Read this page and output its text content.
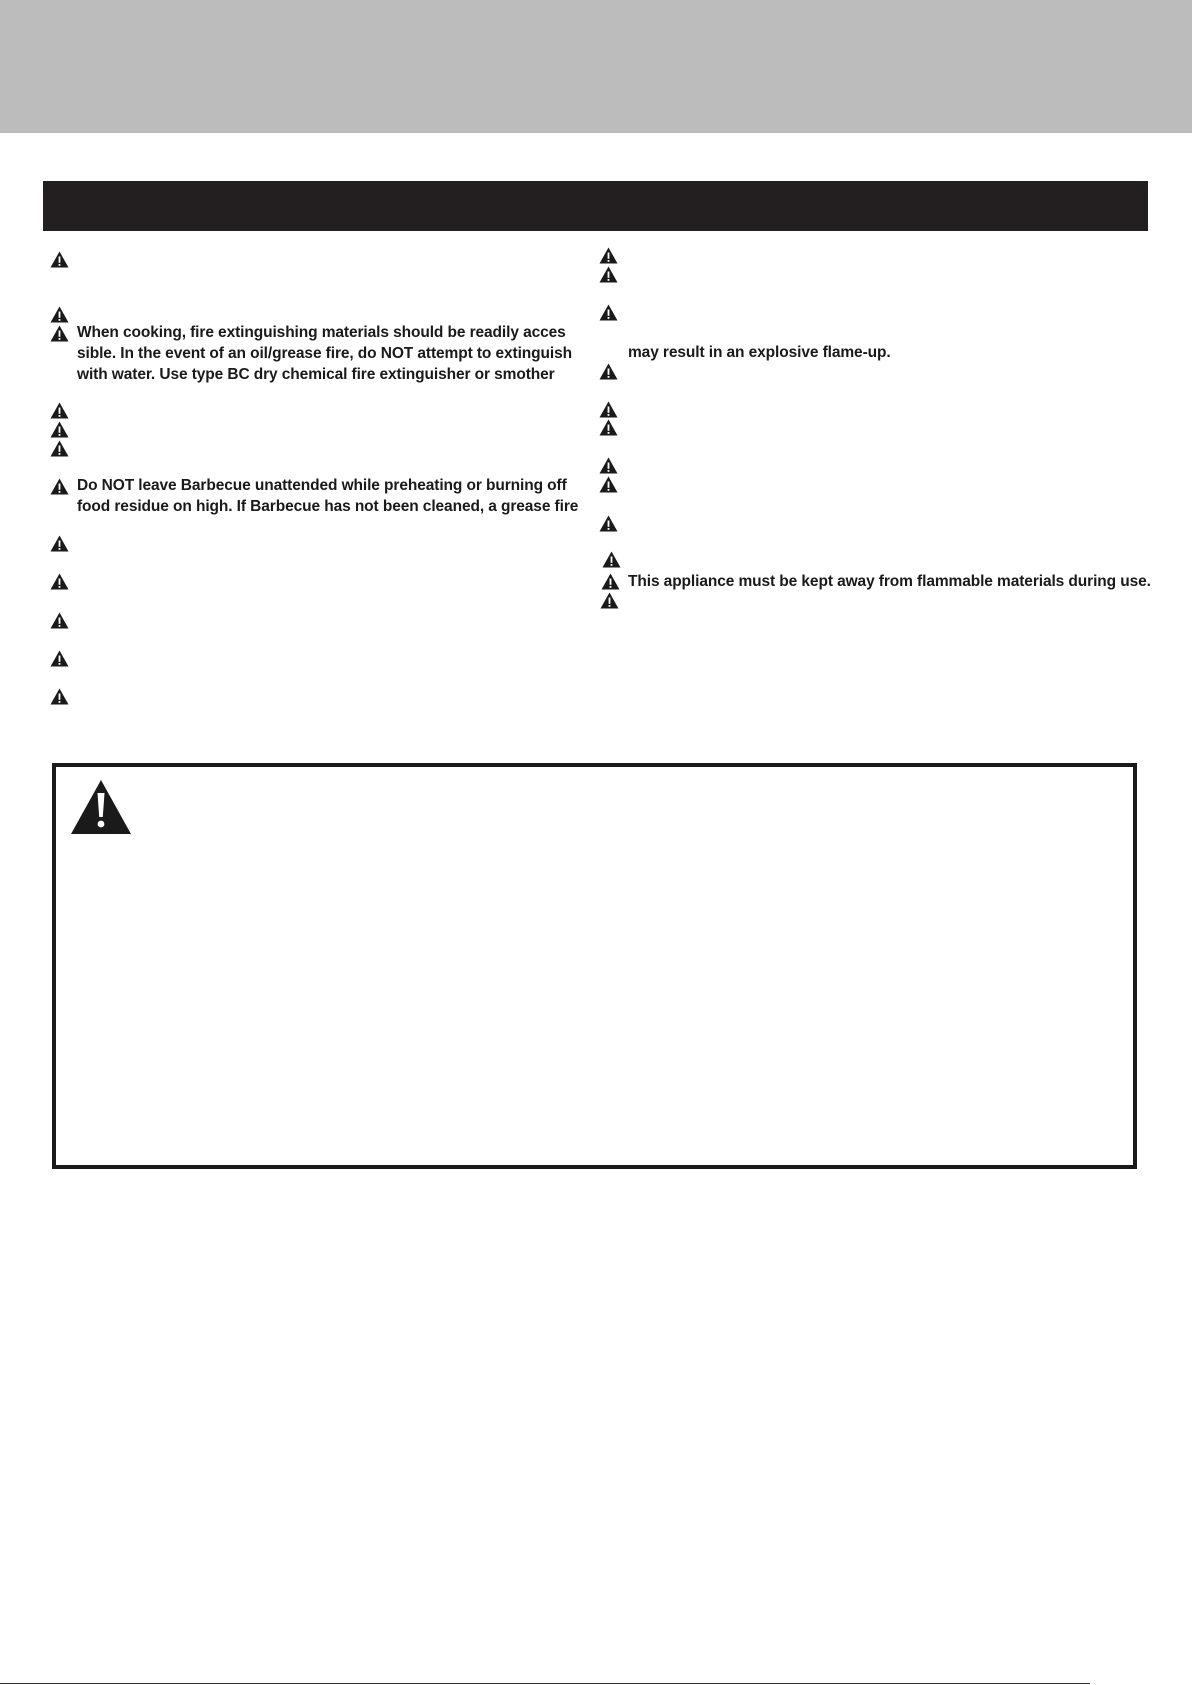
When cooking, fire extinguishing materials should be readily acces
sible. In the event of an oil/grease fire, do NOT attempt to extinguish
with water. Use type BC dry chemical fire extinguisher or smother
Do NOT leave Barbecue unattended while preheating or burning off
food residue on high. If Barbecue has not been cleaned, a grease fire
may result in an explosive flame-up.
This appliance must be kept away from flammable materials during use.
